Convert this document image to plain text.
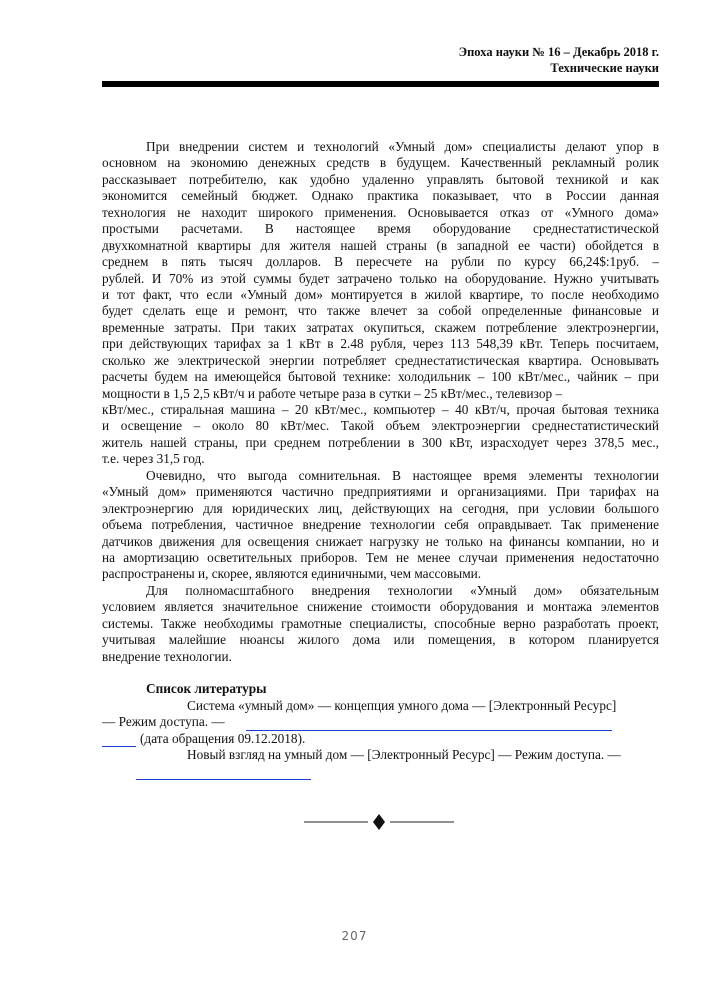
Эпоха науки № 16 – Декабрь 2018 г.
Технические науки
При внедрении систем и технологий «Умный дом» специалисты делают упор в
основном на экономию денежных средств в будущем. Качественный рекламный ролик
рассказывает потребителю, как удобно удаленно управлять бытовой техникой и как
экономится семейный бюджет. Однако практика показывает, что в России данная
технология не находит широкого применения. Основывается отказ от «Умного дома»
простыми расчетами. В настоящее время оборудование среднестатистической
двухкомнатной квартиры для жителя нашей страны (в западной ее части) обойдется в
среднем в пять тысяч долларов. В пересчете на рубли по курсу 66,24$:1руб. –
рублей. И 70% из этой суммы будет затрачено только на оборудование. Нужно учитывать
и тот факт, что если «Умный дом» монтируется в жилой квартире, то после необходимо
будет сделать еще и ремонт, что также влечет за собой определенные финансовые и
временные затраты. При таких затратах окупиться, скажем потребление электроэнергии,
при действующих тарифах за 1 кВт в 2.48 рубля, через 113 548,39 кВт. Теперь посчитаем,
сколько же электрической энергии потребляет среднестатистическая квартира. Основывать
расчеты будем на имеющейся бытовой технике: холодильник – 100 кВт/мес., чайник – при
мощности в 1,5 2,5 кВт/ч и работе четыре раза в сутки – 25 кВт/мес., телевизор –
кВт/мес., стиральная машина – 20 кВт/мес., компьютер – 40 кВт/ч, прочая бытовая техника
и освещение – около 80 кВт/мес. Такой объем электроэнергии среднестатистический
житель нашей страны, при среднем потреблении в 300 кВт, израсходует через 378,5 мес.,
т.е. через 31,5 год.
Очевидно, что выгода сомнительная. В настоящее время элементы технологии
«Умный дом» применяются частично предприятиями и организациями. При тарифах на
электроэнергию для юридических лиц, действующих на сегодня, при условии большого
объема потребления, частичное внедрение технологии себя оправдывает. Так применение
датчиков движения для освещения снижает нагрузку не только на финансы компании, но и
на амортизацию осветительных приборов. Тем не менее случаи применения недостаточно
распространены и, скорее, являются единичными, чем массовыми.
Для полномасштабного внедрения технологии «Умный дом» обязательным
условием является значительное снижение стоимости оборудования и монтажа элементов
системы. Также необходимы грамотные специалисты, способные верно разработать проект,
учитывая малейшие нюансы жилого дома или помещения, в котором планируется
внедрение технологии.
Список литературы
Система «умный дом» — концепция умного дома — [Электронный Ресурс]
— Режим доступа. —
(дата обращения 09.12.2018).
Новый взгляд на умный дом — [Электронный Ресурс] — Режим доступа. —
207
